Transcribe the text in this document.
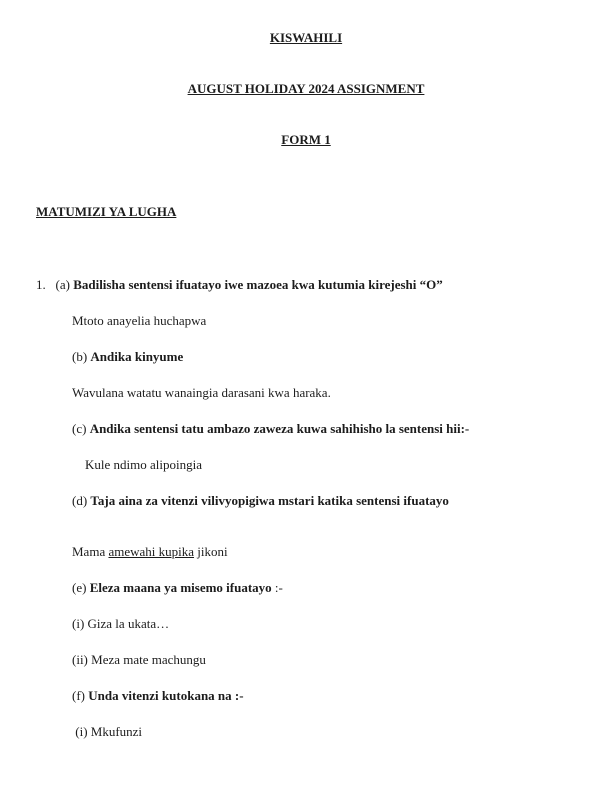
KISWAHILI

AUGUST HOLIDAY 2024 ASSIGNMENT

FORM 1

MATUMIZI YA LUGHA

1.   (a) Badilisha sentensi ifuatayo iwe mazoea kwa kutumia kirejeshi “O”

Mtoto anayelia huchapwa

(b) Andika kinyume

Wavulana watatu wanaingia darasani kwa haraka.

(c) Andika sentensi tatu ambazo zaweza kuwa sahihisho la sentensi hii:-

Kule ndimo alipoingia

(d) Taja aina za vitenzi vilivyopigiwa mstari katika sentensi ifuatayo

Mama amewahi kupika jikoni

(e) Eleza maana ya misemo ifuatayo :-

(i) Giza la ukata…

(ii) Meza mate machungu

(f) Unda vitenzi kutokana na :-

(i) Mkufunzi
